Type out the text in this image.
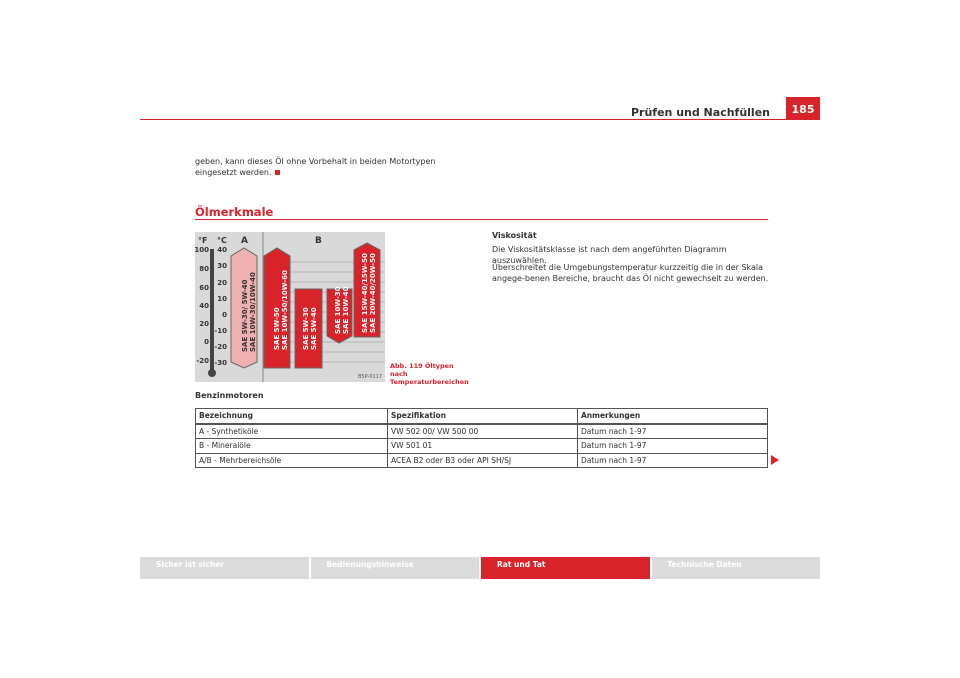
Prüfen und Nachfüllen	185
geben, kann dieses Öl ohne Vorbehalt in beiden Motortypen eingesetzt werden.
Ölmerkmale
°F °C A	B
100
80
60
40
20
0
-20
40
30
20
10
0
-10
-20
-30
SAE 5W-30/ 5W-40 SAE 10W-30/10W-40 SAE 5W-50 SAE 10W-50/10W-60 SAE 5W-30 SAE 5W-40 SAE 10W-30 SAE 10W-40 SAE 15W-40/15W-50 SAE 20W-40/20W-50
B5P-0117
Abb. 119 Öltypen nach Temperaturbereichen
Viskosität
Die Viskositätsklasse ist nach dem angeführten Diagramm auszuwählen.
Überschreitet die Umgebungstemperatur kurzzeitig die in der Skala angege-benen Bereiche, braucht das Öl nicht gewechselt zu werden.
Benzinmotoren
Bezeichnung	Spezifikation	Anmerkungen
A - Synthetiköle	VW 502 00/ VW 500 00	Datum nach 1-97
B - Mineralöle	VW 501 01	Datum nach 1-97
A/B - Mehrbereichsöle	ACEA B2 oder B3 oder API SH/SJ	Datum nach 1-97
Sicher ist sicher	Bedienungshinweise	Rat und Tat	Technische Daten
